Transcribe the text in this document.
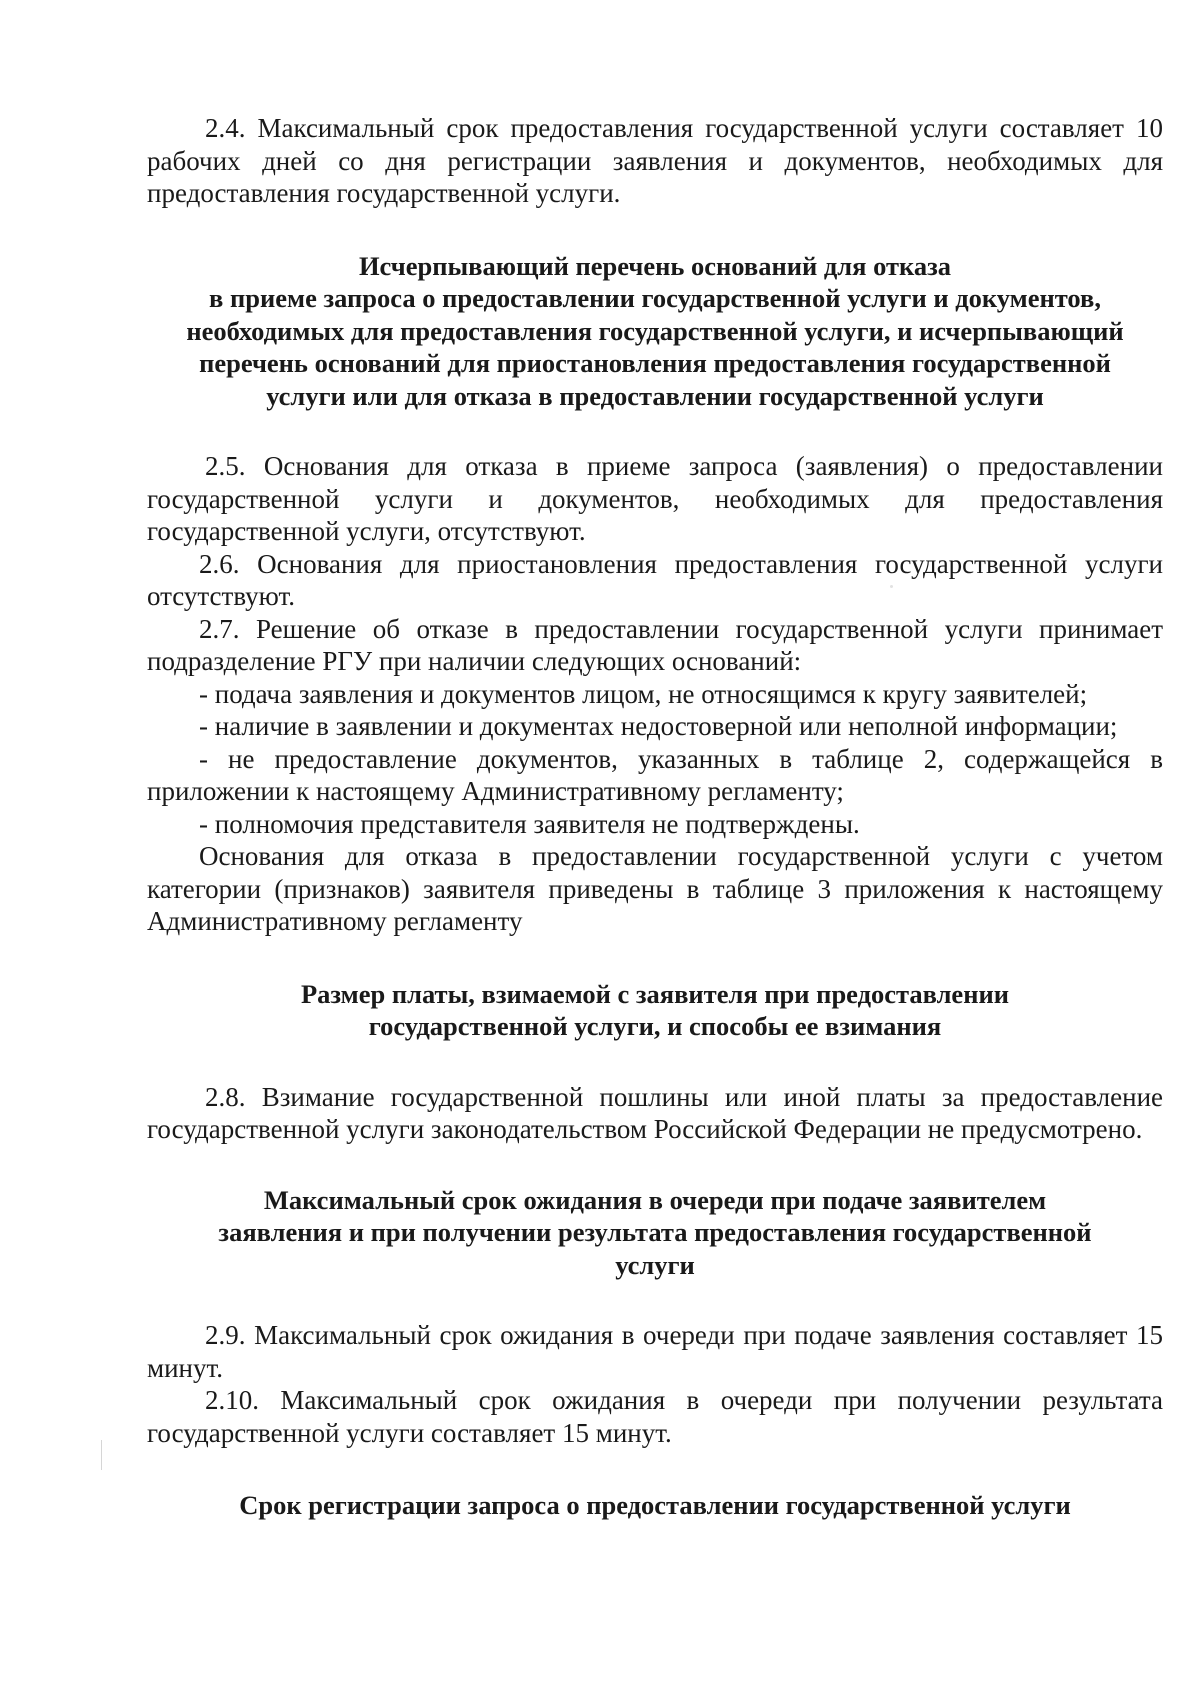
2.4. Максимальный срок предоставления государственной услуги составляет 10 рабочих дней со дня регистрации заявления и документов, необходимых для предоставления государственной услуги.

Исчерпывающий перечень оснований для отказа

в приеме запроса о предоставлении государственной услуги и документов,

необходимых для предоставления государственной услуги, и исчерпывающий

перечень оснований для приостановления предоставления государственной

услуги или для отказа в предоставлении государственной услуги

2.5. Основания для отказа в приеме запроса (заявления) о предоставлении государственной услуги и документов, необходимых для предоставления государственной услуги, отсутствуют.

2.6. Основания для приостановления предоставления государственной услуги отсутствуют.

2.7. Решение об отказе в предоставлении государственной услуги принимает подразделение РГУ при наличии следующих оснований:

- подача заявления и документов лицом, не относящимся к кругу заявителей;

- наличие в заявлении и документах недостоверной или неполной информации;

- не предоставление документов, указанных в таблице 2, содержащейся в приложении к настоящему Административному регламенту;

- полномочия представителя заявителя не подтверждены.

Основания для отказа в предоставлении государственной услуги с учетом категории (признаков) заявителя приведены в таблице 3 приложения к настоящему Административному регламенту

Размер платы, взимаемой с заявителя при предоставлении

государственной услуги, и способы ее взимания

2.8. Взимание государственной пошлины или иной платы за предоставление государственной услуги законодательством Российской Федерации не предусмотрено.

Максимальный срок ожидания в очереди при подаче заявителем

заявления и при получении результата предоставления государственной

услуги

2.9. Максимальный срок ожидания в очереди при подаче заявления составляет 15 минут.

2.10. Максимальный срок ожидания в очереди при получении результата государственной услуги составляет 15 минут.

Срок регистрации запроса о предоставлении государственной услуги
